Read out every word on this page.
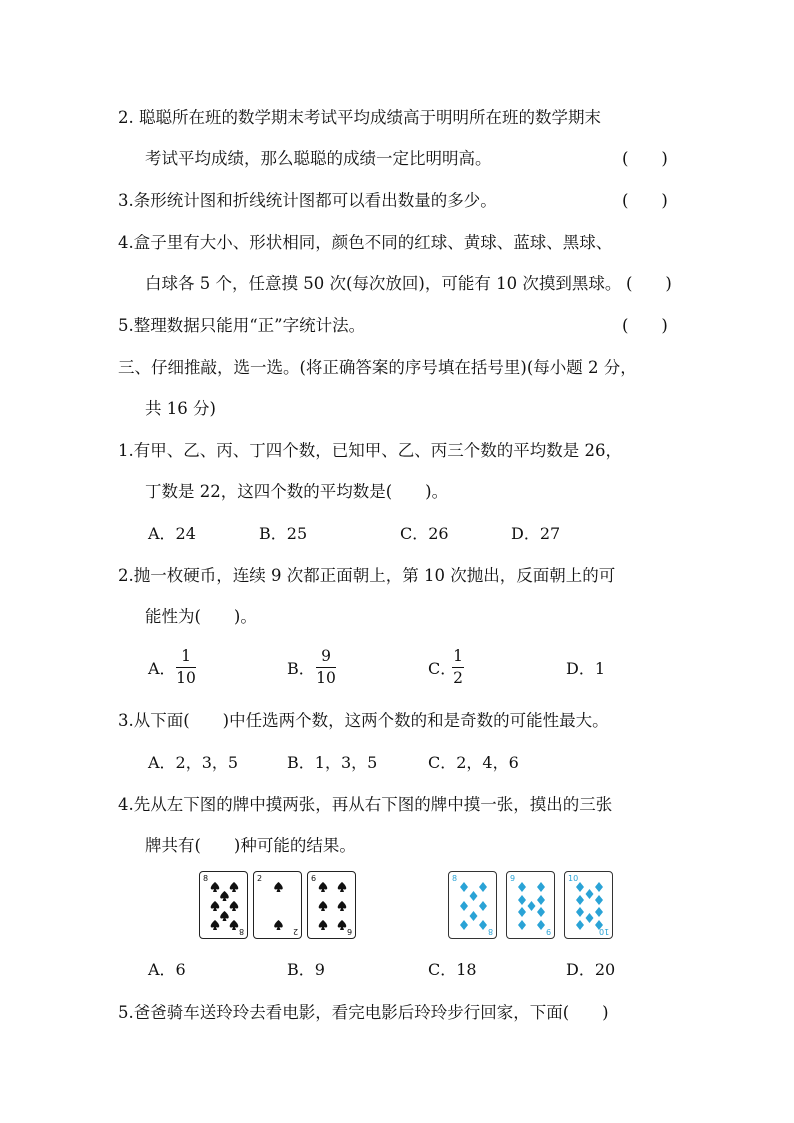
2. 聪聪所在班的数学期末考试平均成绩高于明明所在班的数学期末
考试平均成绩，那么聪聪的成绩一定比明明高。	(　　)
3.条形统计图和折线统计图都可以看出数量的多少。	(　　)
4.盒子里有大小、形状相同，颜色不同的红球、黄球、蓝球、黑球、
白球各 5 个，任意摸 50 次(每次放回)，可能有 10 次摸到黑球。 (　　)
5.整理数据只能用“正”字统计法。	(　　)
三、仔细推敲，选一选。(将正确答案的序号填在括号里)(每小题 2 分，
共 16 分)
1.有甲、乙、丙、丁四个数，已知甲、乙、丙三个数的平均数是 26，
丁数是 22，这四个数的平均数是(　　)。
A．24	B．25	C．26	D．27
2.抛一枚硬币，连续 9 次都正面朝上，第 10 次抛出，反面朝上的可
能性为(　　)。
A．
1
10	B．
9
10	C．
1
2	D．1
3.从下面(　　)中任选两个数，这两个数的和是奇数的可能性最大。
A．2，3，5	B．1，3，5	C．2，4，6
4.先从左下图的牌中摸两张，再从右下图的牌中摸一张，摸出的三张
牌共有(　　)种可能的结果。
8
8
2
2
6
6
8
8
9
9
10
10
A．6	B．9	C．18	D．20
5.爸爸骑车送玲玲去看电影，看完电影后玲玲步行回家，下面(　　)
